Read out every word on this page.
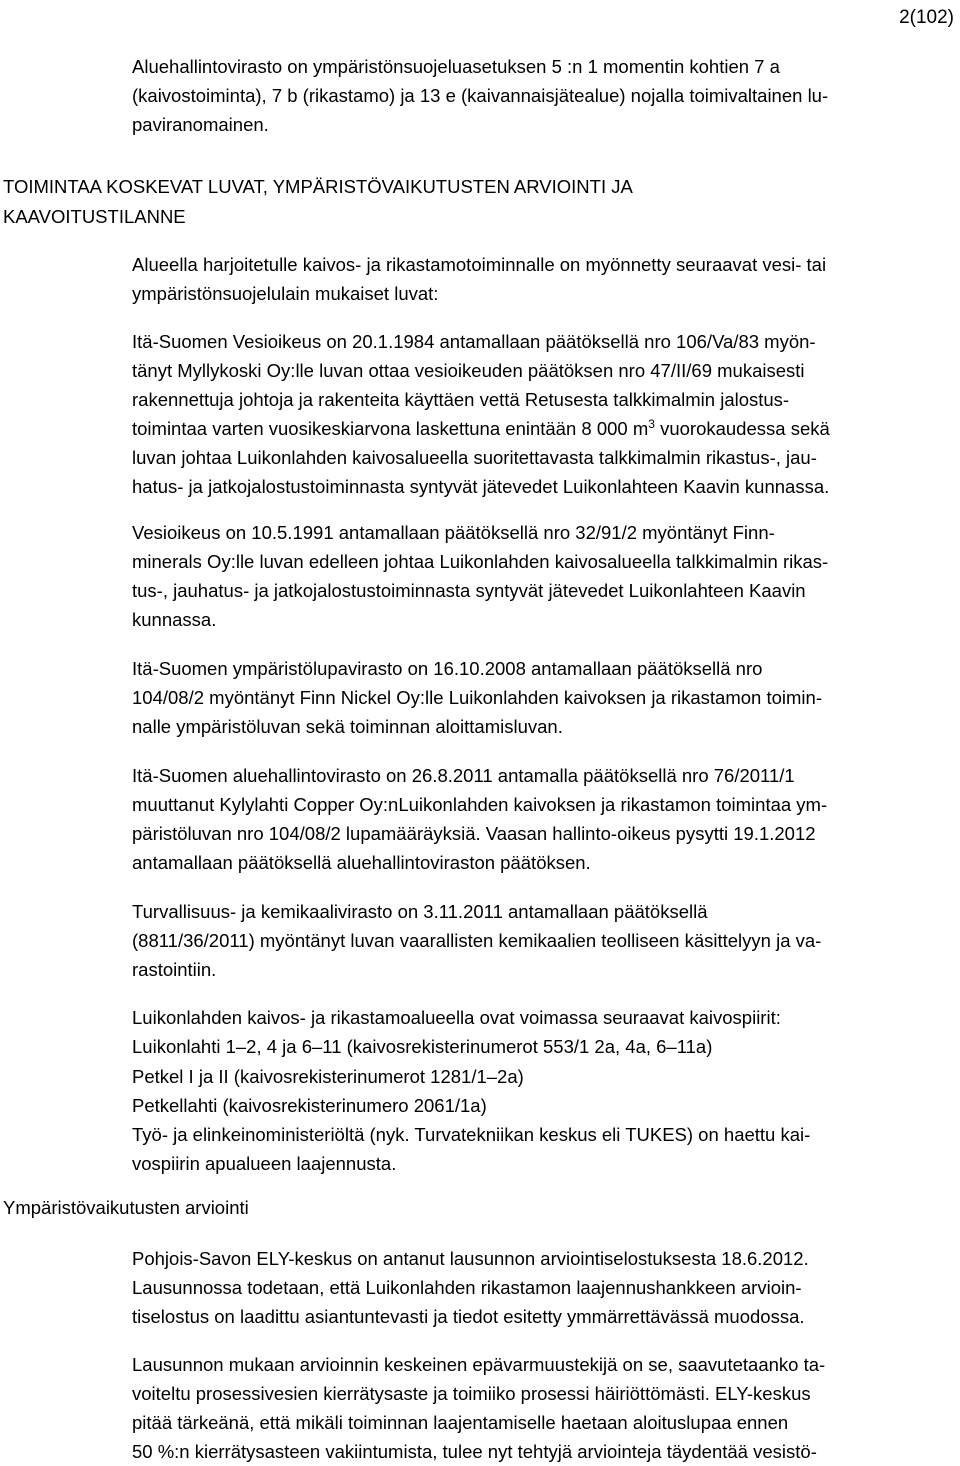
2(102)
Aluehallintovirasto on ympäristönsuojeluasetuksen 5 :n 1 momentin kohtien 7 a
(kaivostoiminta), 7 b (rikastamo) ja 13 e (kaivannaisjätealue) nojalla toimivaltainen lu-
paviranomainen.
TOIMINTAA KOSKEVAT LUVAT, YMPÄRISTÖVAIKUTUSTEN ARVIOINTI JA
KAAVOITUSTILANNE
Alueella harjoitetulle kaivos- ja rikastamotoiminnalle on myönnetty seuraavat vesi- tai
ympäristönsuojelulain mukaiset luvat:
Itä-Suomen Vesioikeus on 20.1.1984 antamallaan päätöksellä nro 106/Va/83 myön-
tänyt Myllykoski Oy:lle luvan ottaa vesioikeuden päätöksen nro 47/II/69 mukaisesti
rakennettuja johtoja ja rakenteita käyttäen vettä Retusesta talkkimalmin jalostus-
toimintaa varten vuosikeskiarvona laskettuna enintään 8 000 $m^3$ vuorokaudessa sekä
luvan johtaa Luikonlahden kaivosalueella suoritettavasta talkkimalmin rikastus-, jau-
hatus- ja jatkojalostustoiminnasta syntyvät jätevedet Luikonlahteen Kaavin kunnassa.
Vesioikeus on 10.5.1991 antamallaan päätöksellä nro 32/91/2 myöntänyt Finn-
minerals Oy:lle luvan edelleen johtaa Luikonlahden kaivosalueella talkkimalmin rikas-
tus-, jauhatus- ja jatkojalostustoiminnasta syntyvät jätevedet Luikonlahteen Kaavin
kunnassa.
Itä-Suomen ympäristölupavirasto on 16.10.2008 antamallaan päätöksellä nro
104/08/2 myöntänyt Finn Nickel Oy:lle Luikonlahden kaivoksen ja rikastamon toimin-
nalle ympäristöluvan sekä toiminnan aloittamisluvan.
Itä-Suomen aluehallintovirasto on 26.8.2011 antamalla päätöksellä nro 76/2011/1
muuttanut Kylylahti Copper Oy:nLuikonlahden kaivoksen ja rikastamon toimintaa ym-
päristöluvan nro 104/08/2 lupamääräyksiä. Vaasan hallinto-oikeus pysytti 19.1.2012
antamallaan päätöksellä aluehallintoviraston päätöksen.
Turvallisuus- ja kemikaalivirasto on 3.11.2011 antamallaan päätöksellä
(8811/36/2011) myöntänyt luvan vaarallisten kemikaalien teolliseen käsittelyyn ja va-
rastointiin.
Luikonlahden kaivos- ja rikastamoalueella ovat voimassa seuraavat kaivospiirit:
Luikonlahti 1–2, 4 ja 6–11 (kaivosrekisterinumerot 553/1 2a, 4a, 6–11a)
Petkel I ja II (kaivosrekisterinumerot 1281/1–2a)
Petkellahti (kaivosrekisterinumero 2061/1a)
Työ- ja elinkeinoministeriöltä (nyk. Turvatekniikan keskus eli TUKES) on haettu kai-
vospiirin apualueen laajennusta.
Ympäristövaikutusten arviointi
Pohjois-Savon ELY-keskus on antanut lausunnon arviointiselostuksesta 18.6.2012.
Lausunnossa todetaan, että Luikonlahden rikastamon laajennushankkeen arvioin-
tiselostus on laadittu asiantuntevasti ja tiedot esitetty ymmärrettävässä muodossa.
Lausunnon mukaan arvioinnin keskeinen epävarmuustekijä on se, saavutetaanko ta-
voiteltu prosessivesien kierrätysaste ja toimiiko prosessi häiriöttömästi. ELY-keskus
pitää tärkeänä, että mikäli toiminnan laajentamiselle haetaan aloituslupaa ennen
50 %:n kierrätysasteen vakiintumista, tulee nyt tehtyjä arviointeja täydentää vesistö-
